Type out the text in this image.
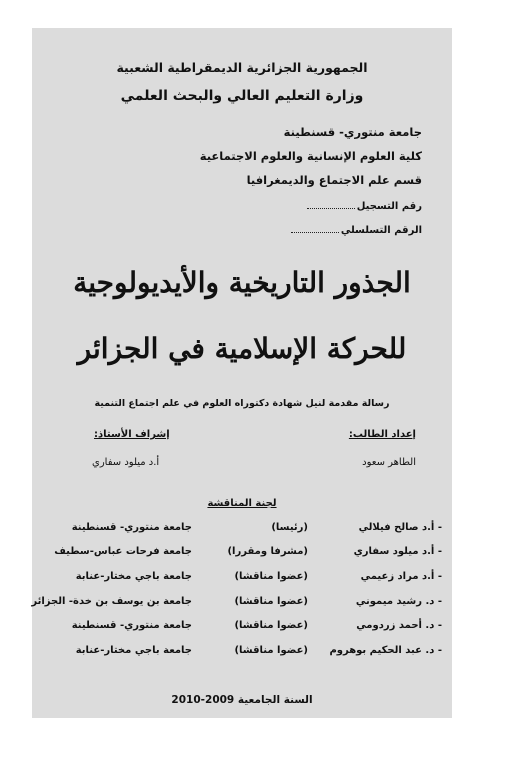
الجمهورية الجزائرية الديمقراطية الشعبية
وزارة التعليم العالي والبحث العلمي
جامعة منتوري- قسنطينة
كلية العلوم الإنسانية والعلوم الاجتماعية
قسم علم الاجتماع والديمغرافيا
رقم التسجيل
الرقم التسلسلي
الجذور التاريخية والأيديولوجية
للحركة الإسلامية في الجزائر
رسالة مقدمة لنيل شهادة دكتوراه العلوم في علم اجتماع التنمية
إعداد الطالب:
إشراف الأستاذ:
الطاهر سعود
أ.د ميلود سفاري
لجنة المناقشة
- أ.د صالح فيلالي
(رئيسا)
جامعة منتوري- قسنطينة
- أ.د ميلود سفاري
(مشرفا ومقررا)
جامعة فرحات عباس-سطيف
- أ.د مراد زعيمي
(عضوا مناقشا)
جامعة باجي مختار-عنابة
- د. رشيد ميموني
(عضوا مناقشا)
جامعة بن يوسف بن خدة- الجزائر
- د. أحمد زردومي
(عضوا مناقشا)
جامعة منتوري- قسنطينة
- د. عبد الحكيم بوهروم
(عضوا مناقشا)
جامعة باجي مختار-عنابة
السنة الجامعية 2009-2010
